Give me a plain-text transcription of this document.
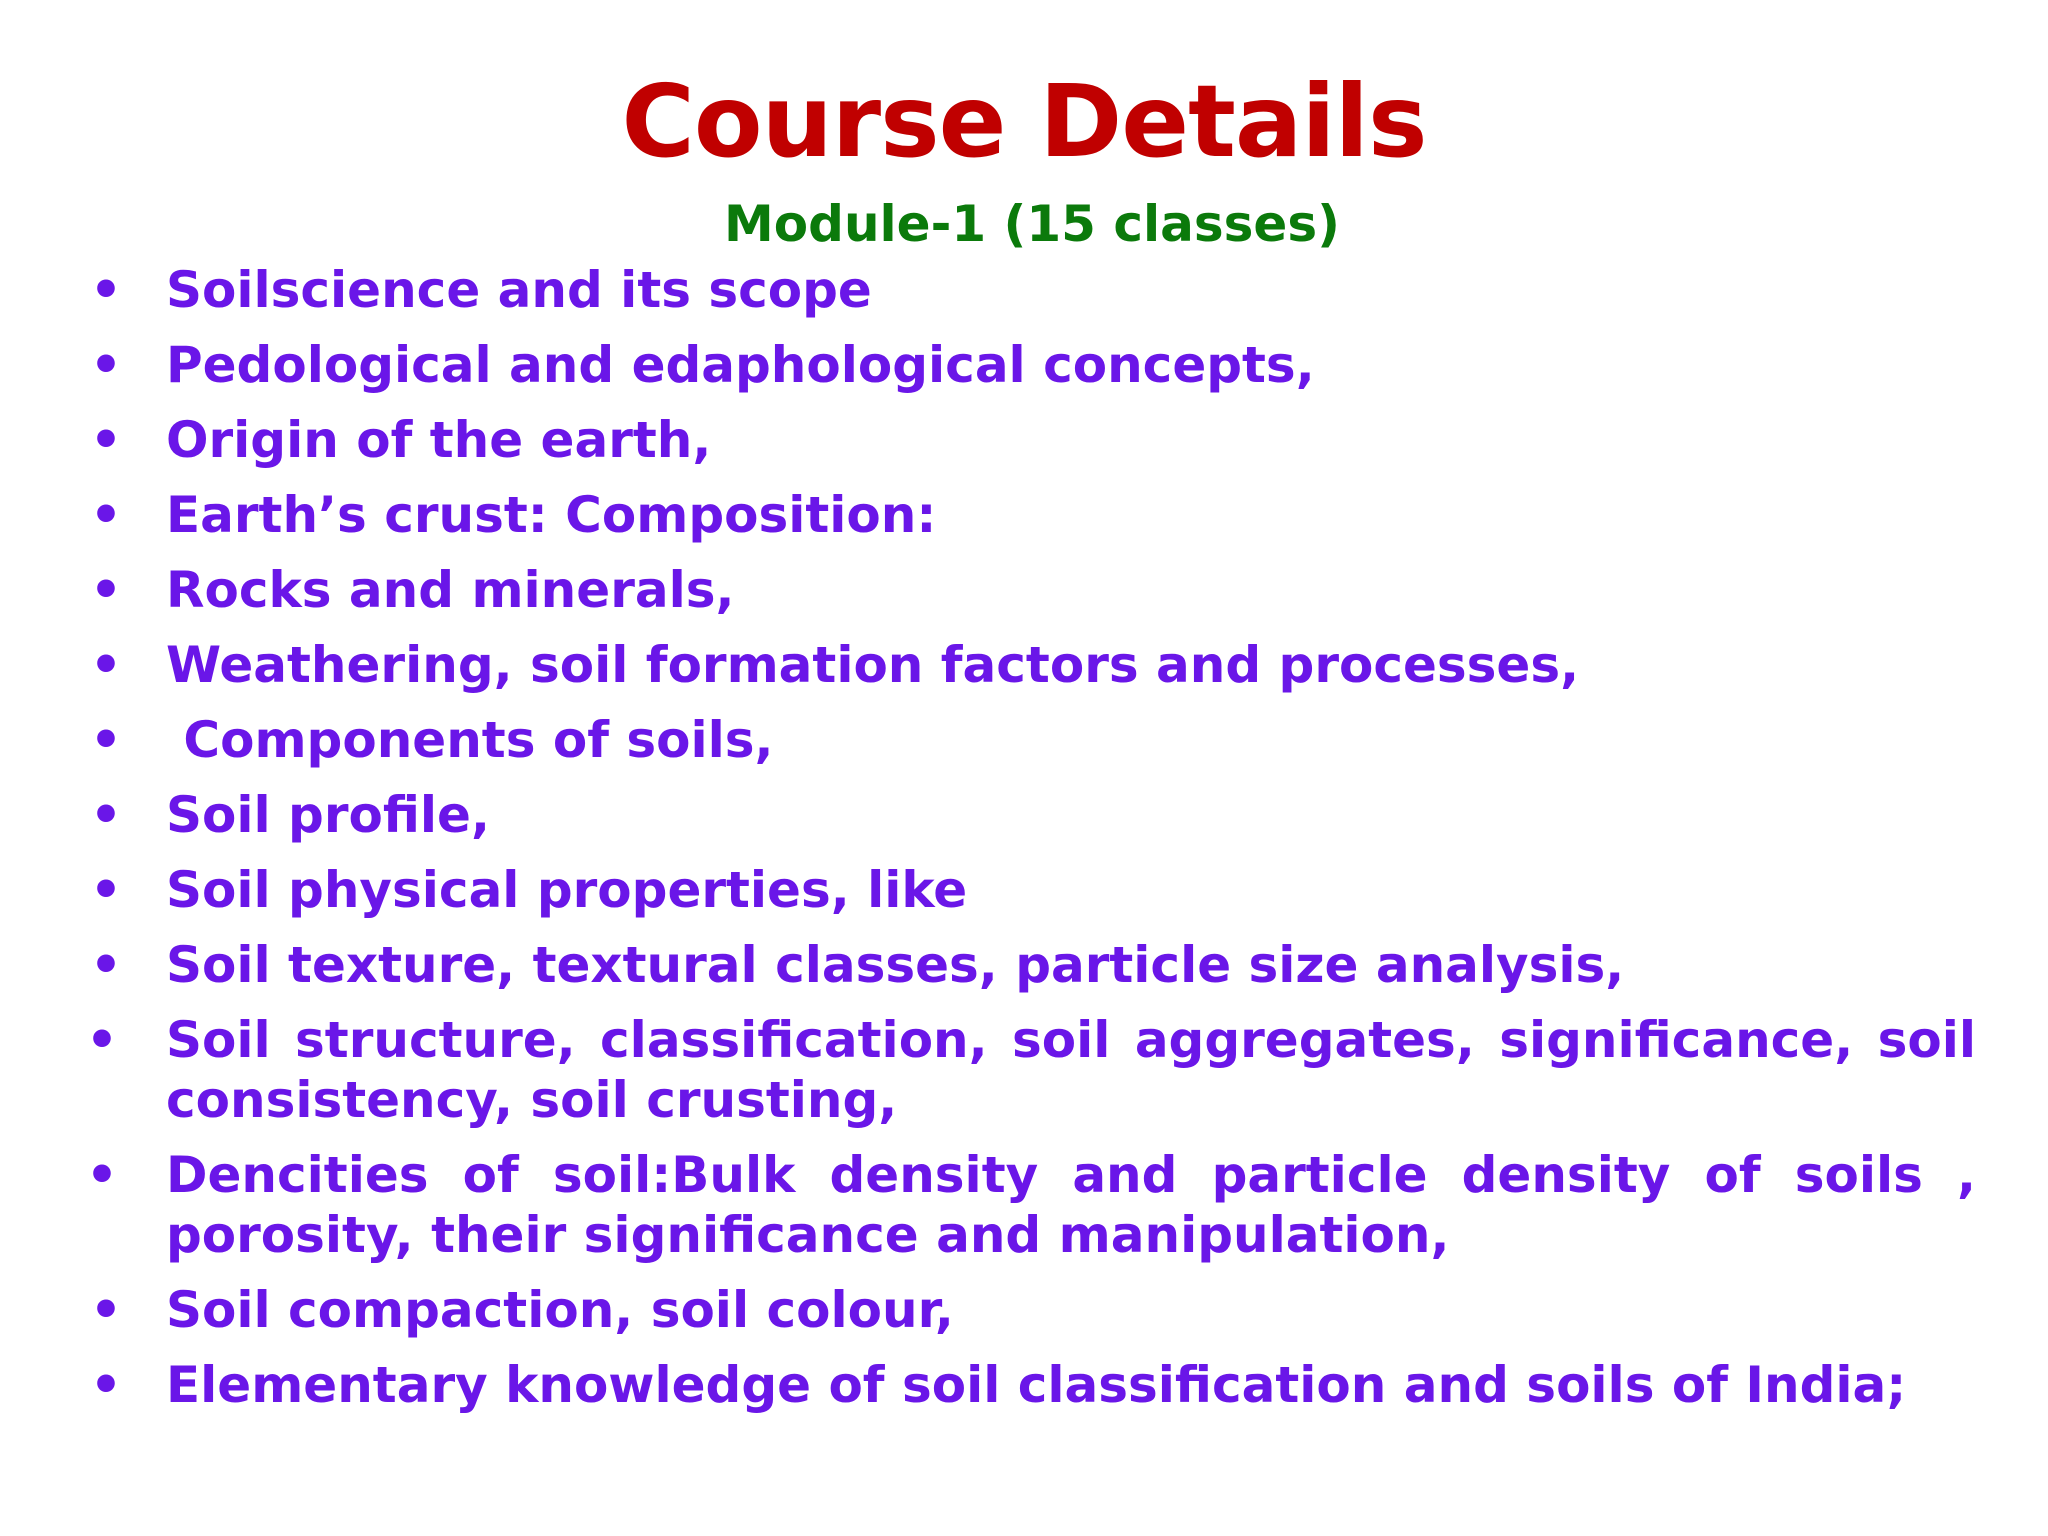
Course Details
Module-1 (15 classes)
• Soilscience and its scope
• Pedological and edaphological concepts,
• Origin of the earth,
• Earth’s crust: Composition:
• Rocks and minerals,
• Weathering, soil formation factors and processes,
• Components of soils,
• Soil profile,
• Soil physical properties, like
• Soil texture, textural classes, particle size analysis,
• Soil structure, classification, soil aggregates, significance, soil consistency, soil crusting,
• Dencities of soil:Bulk density and particle density of soils , porosity, their significance and manipulation,
• Soil compaction, soil colour,
• Elementary knowledge of soil classification and soils of India;
